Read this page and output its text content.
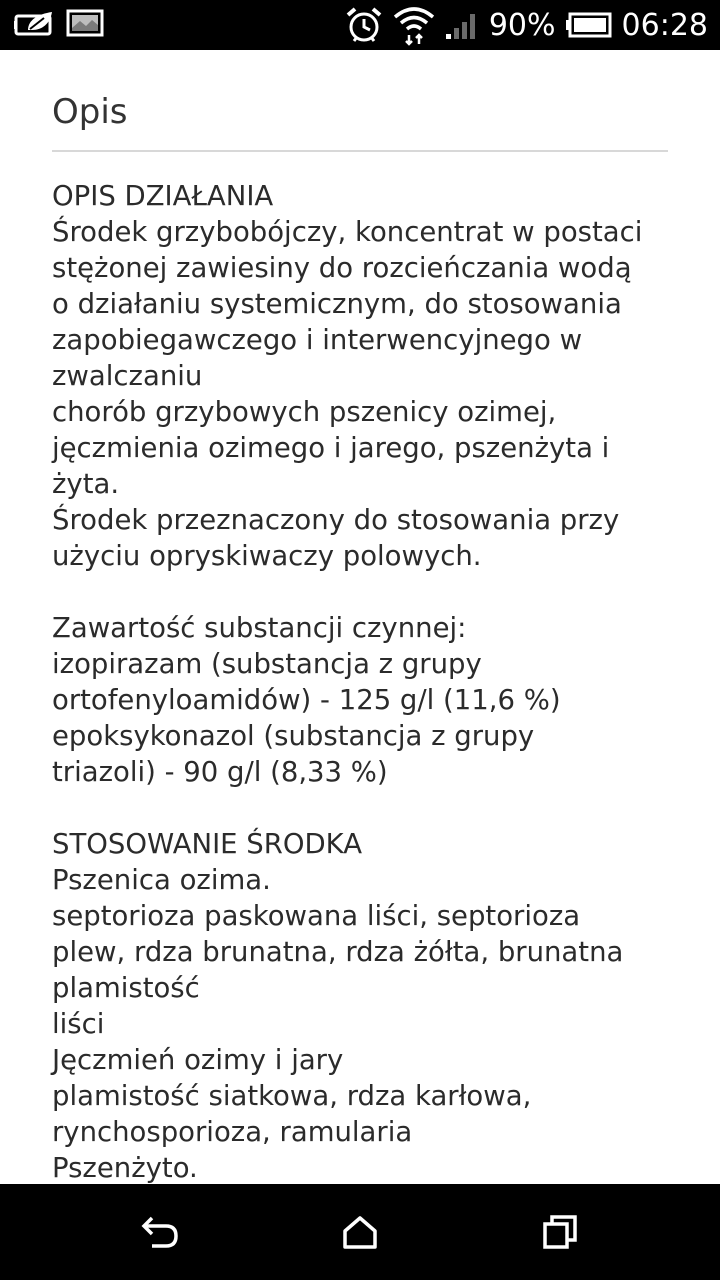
90% 06:28
Opis

OPIS DZIAŁANIA
Środek grzybobójczy, koncentrat w postaci
stężonej zawiesiny do rozcieńczania wodą
o działaniu systemicznym, do stosowania
zapobiegawczego i interwencyjnego w
zwalczaniu
chorób grzybowych pszenicy ozimej,
jęczmienia ozimego i jarego, pszenżyta i
żyta.
Środek przeznaczony do stosowania przy
użyciu opryskiwaczy polowych.

Zawartość substancji czynnej:
izopirazam (substancja z grupy
ortofenyloamidów) - 125 g/l (11,6 %)
epoksykonazol (substancja z grupy
triazoli) - 90 g/l (8,33 %)

STOSOWANIE ŚRODKA
Pszenica ozima.
septorioza paskowana liści, septorioza
plew, rdza brunatna, rdza żółta, brunatna
plamistość
liści
Jęczmień ozimy i jary
plamistość siatkowa, rdza karłowa,
rynchosporioza, ramularia
Pszenżyto.
